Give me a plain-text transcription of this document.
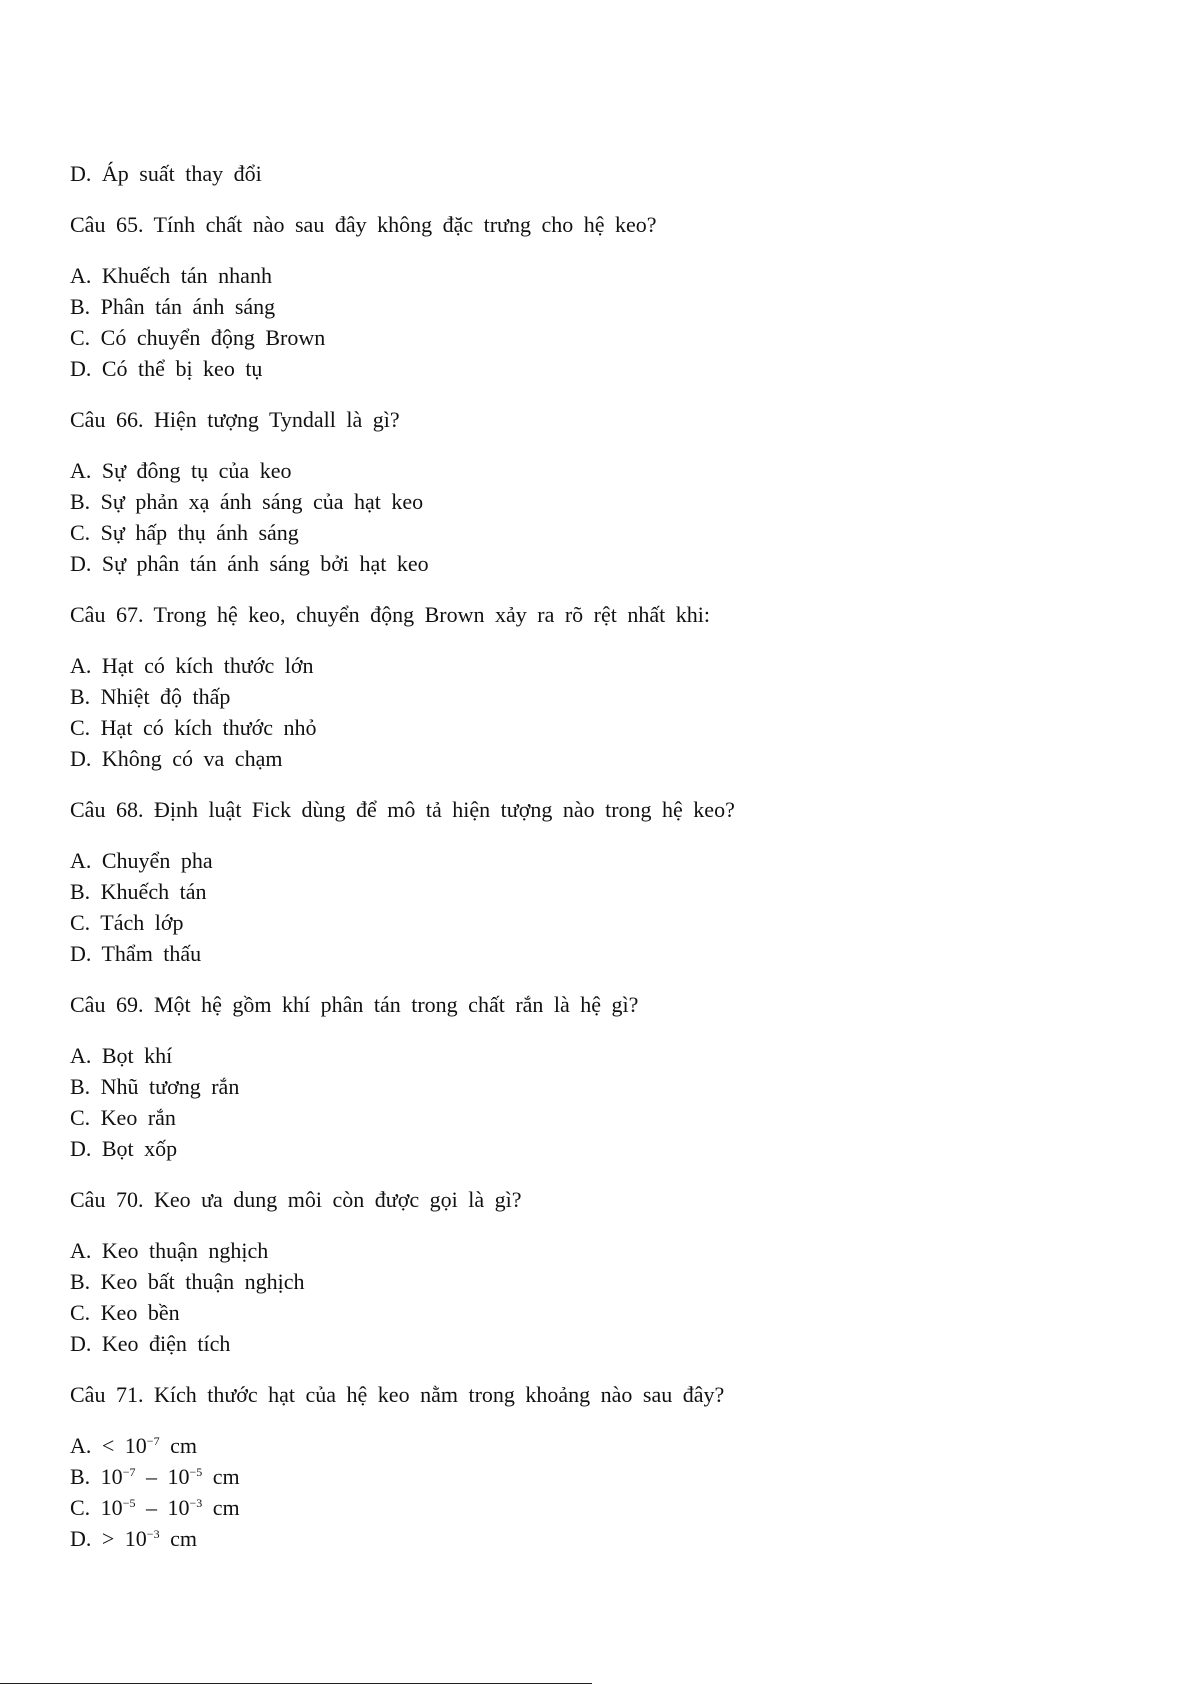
D. Áp suất thay đổi
Câu 65. Tính chất nào sau đây không đặc trưng cho hệ keo?
A. Khuếch tán nhanh
B. Phân tán ánh sáng
C. Có chuyển động Brown
D. Có thể bị keo tụ
Câu 66. Hiện tượng Tyndall là gì?
A. Sự đông tụ của keo
B. Sự phản xạ ánh sáng của hạt keo
C. Sự hấp thụ ánh sáng
D. Sự phân tán ánh sáng bởi hạt keo
Câu 67. Trong hệ keo, chuyển động Brown xảy ra rõ rệt nhất khi:
A. Hạt có kích thước lớn
B. Nhiệt độ thấp
C. Hạt có kích thước nhỏ
D. Không có va chạm
Câu 68. Định luật Fick dùng để mô tả hiện tượng nào trong hệ keo?
A. Chuyển pha
B. Khuếch tán
C. Tách lớp
D. Thẩm thấu
Câu 69. Một hệ gồm khí phân tán trong chất rắn là hệ gì?
A. Bọt khí
B. Nhũ tương rắn
C. Keo rắn
D. Bọt xốp
Câu 70. Keo ưa dung môi còn được gọi là gì?
A. Keo thuận nghịch
B. Keo bất thuận nghịch
C. Keo bền
D. Keo điện tích
Câu 71. Kích thước hạt của hệ keo nằm trong khoảng nào sau đây?
A. < $10^{-7}$ cm
B. $10^{-7} - 10^{-5}$ cm
C. $10^{-5} - 10^{-3}$ cm
D. > $10^{-3}$ cm
